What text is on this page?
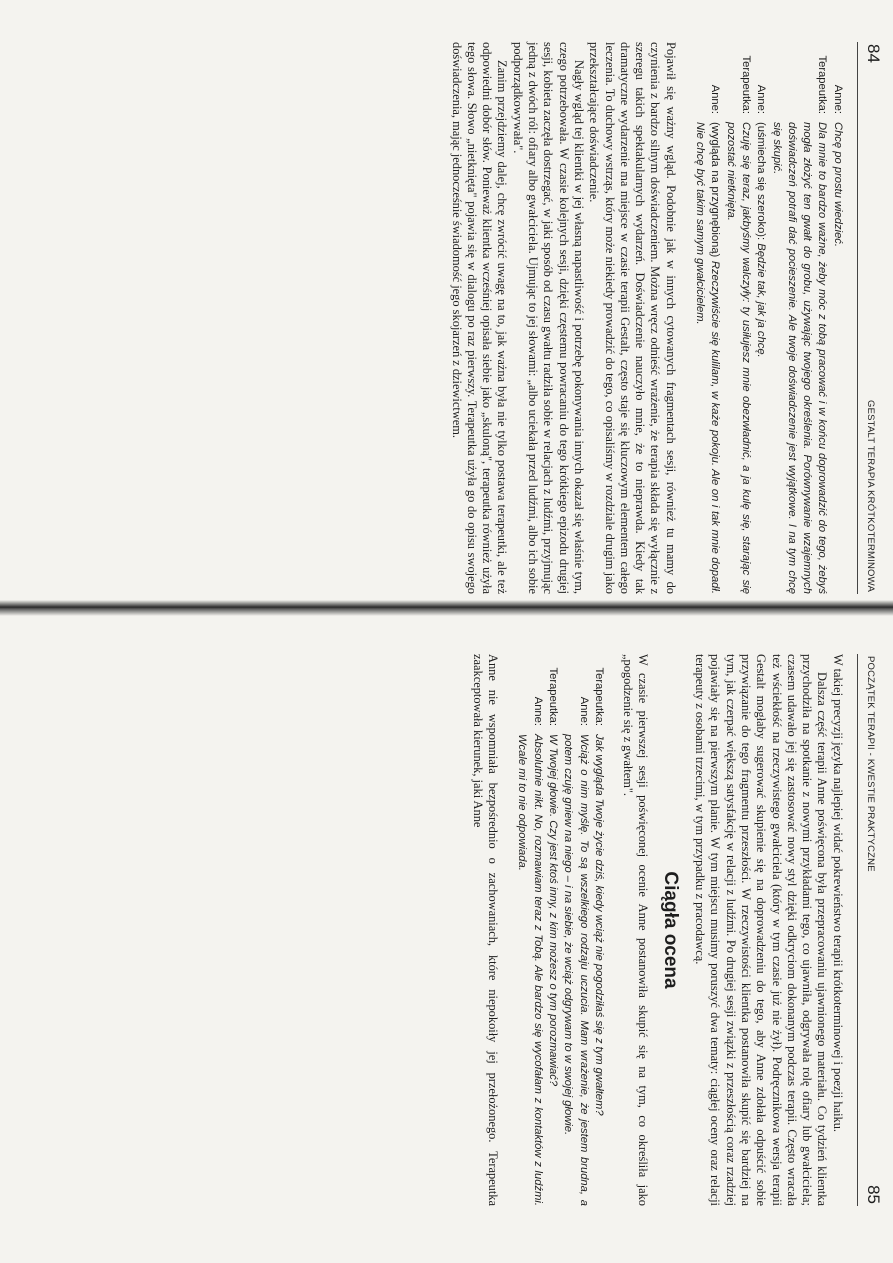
84
GESTALT TERAPIA KRÓTKOTERMINOWA
Anne:
Chcę po prostu wiedzieć.
Terapeutka:
Dla mnie to bardzo ważne, żeby móc z tobą pracować i w końcu doprowadzić do tego, żebyś mogła złożyć ten gwałt do grobu, używając twojego określenia. Porównywanie wzajemnych doświadczeń potrafi dać pocieszenie. Ale twoje doświadczenie jest wyjątkowe. I na tym chcę się skupić.
Anne:
(uśmiecha się szeroko): Będzie tak, jak ja chcę.
Terapeutka:
Czuję się teraz, jakbyśmy walczyły: ty usiłujesz mnie obezwładnić, a ja kulę się, starając się pozostać nietknięta.
Anne:
(wygląda na przygnębioną) Rzeczywiście się kulilam, w każe pokoju. Ale on i tak mnie dopadł. Nie chcę być takim samym gwałcicielem.

Pojawił się ważny wgląd. Podobnie jak w innych cytowanych fragmentach sesji, również tu mamy do czynienia z bardzo silnym doświadczeniem. Można wręcz odnieść wrażenie, że terapia składa się wyłącznie z szeregu takich spektakularnych wydarzeń. Doświadczenie nauczyło mnie, że to nieprawda. Kiedy tak dramatyczne wydarzenie ma miejsce w czasie terapii Gestalt, często staje się kluczowym elementem całego leczenia. To duchowy wstrząs, który może niekiedy prowadzić do tego, co opisaliśmy w rozdziale drugim jako przekształcające doświadczenie.

Nagły wgląd tej klientki w jej własną napastliwość i potrzebę pokonywania innych okazał się właśnie tym, czego potrzebowała. W czasie kolejnych sesji, dzięki częstemu powracaniu do tego krótkiego epizodu drugiej sesji, kobieta zaczęła dostrzegać, w jaki sposób od czasu gwałtu radziła sobie w relacjach z ludźmi, przyjmując jedną z dwóch ról: ofiary albo gwałciciela. Ujmując to jej słowami: „albo uciekała przed ludźmi, albo ich sobie podporządkowywała".

Zanim przejdziemy dalej, chcę zwrócić uwagę na to, jak ważna była nie tylko postawa terapeutki, ale też odpowiedni dobór słów. Ponieważ klientka wcześniej opisała siebie jako „skuloną", terapeutka również użyła tego słowa. Słowo „nietknięta" pojawia się w dialogu po raz pierwszy. Terapeutka użyła go do opisu swojego doświadczenia, mając jednocześnie świadomość jego skojarzeń z dziewictwem.

POCZĄTEK TERAPII - KWESTIE PRAKTYCZNE
85

W takiej precyzji języka najlepiej widać pokrewieństwo terapii krótkoterminowej i poezji haiku.

Dalsza część terapii Anne poświęcona była przepracowaniu ujawnionego materiału. Co tydzień klientka przychodziła na spotkanie z nowymi przykładami tego, co ujawniła, odgrywała rolę ofiary lub gwałciciela; czasem udawało jej się zastosować nowy styl dzięki odkryciom dokonanym podczas terapii. Często wracała też wściekłość na rzeczywistego gwałciciela (który w tym czasie już nie żył). Podręcznikowa wersja terapii Gestalt mogłaby sugerować skupienie się na doprowadzeniu do tego, aby Anne zdołała odpuścić sobie przywiązanie do tego fragmentu przeszłości. W rzeczywistości klientka postanowiła skupić się bardziej na tym, jak czerpać większą satysfakcję w relacji z ludźmi. Po drugiej sesji związki z przeszłością coraz rzadziej pojawiały się na pierwszym planie. W tym miejscu musimy poruszyć dwa tematy: ciągłej oceny oraz relacji terapeuty z osobami trzecimi, w tym przypadku z pracodawcą.

Ciągła ocena

W czasie pierwszej sesji poświęconej ocenie Anne postanowiła skupić się na tym, co określiła jako „pogodzenie się z gwałtem".

Terapeutka:
Jak wygląda Twoje życie dziś, kiedy wciąż nie pogodziłaś się z tym gwałtem?
Anne:
Wciąż o nim myślę. To są wszelkiego rodzaju uczucia. Mam wrażenie, że jestem brudna, a potem czuję gniew na niego – i na siebie, że wciąż odgrywam to w swojej głowie.
Terapeutka:
W Twojej głowie. Czy jest ktoś inny, z kim możesz o tym porozmawiać?
Anne:
Absolutnie nikt. No, rozmawiam teraz z Tobą. Ale bardzo się wycofałam z kontaktów z ludźmi. Wcale mi to nie odpowiada.

Anne nie wspomniała bezpośrednio o zachowaniach, które niepokoiły jej przełożonego. Terapeutka zaakceptowała kierunek, jaki Anne
